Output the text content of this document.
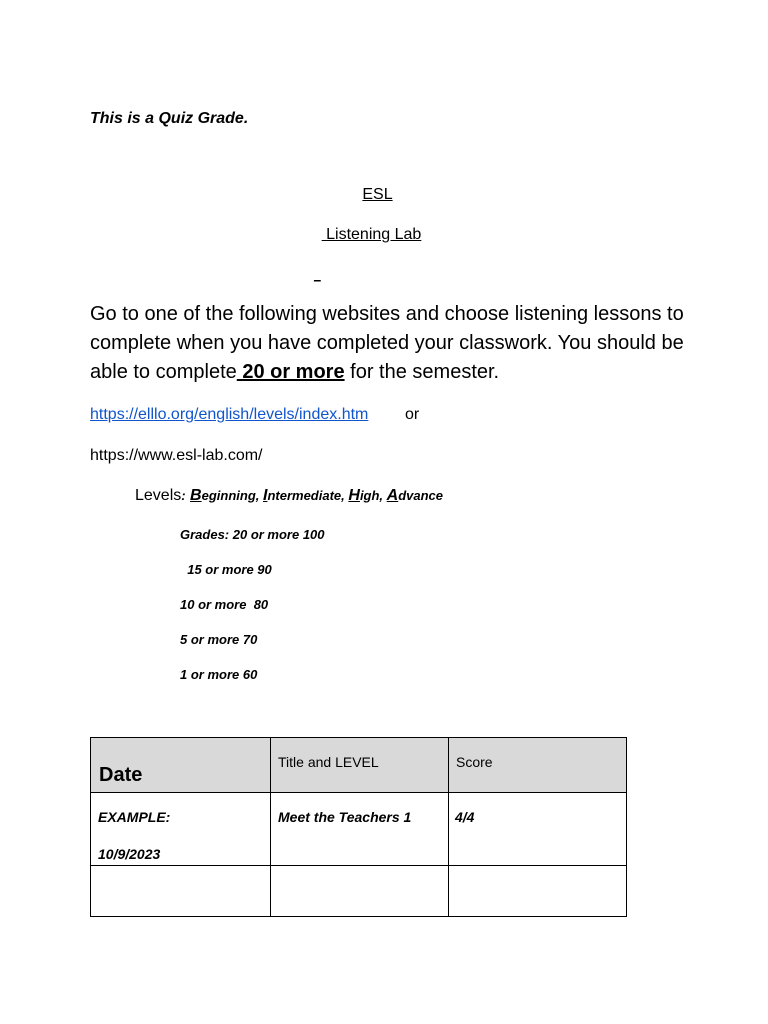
This is a Quiz Grade.
ESL
Listening Lab
_
Go to one of the following websites and choose listening lessons to complete when you have completed your classwork. You should be able to complete 20 or more for the semester.
https://elllo.org/english/levels/index.htm or
https://www.esl-lab.com/
Levels: Beginning, Intermediate, High, Advance
Grades: 20 or more 100
15 or more 90
10 or more  80
5 or more 70
1 or more 60
Date	Title and LEVEL	Score

EXAMPLE:
10/9/2023	Meet the Teachers 1	4/4
